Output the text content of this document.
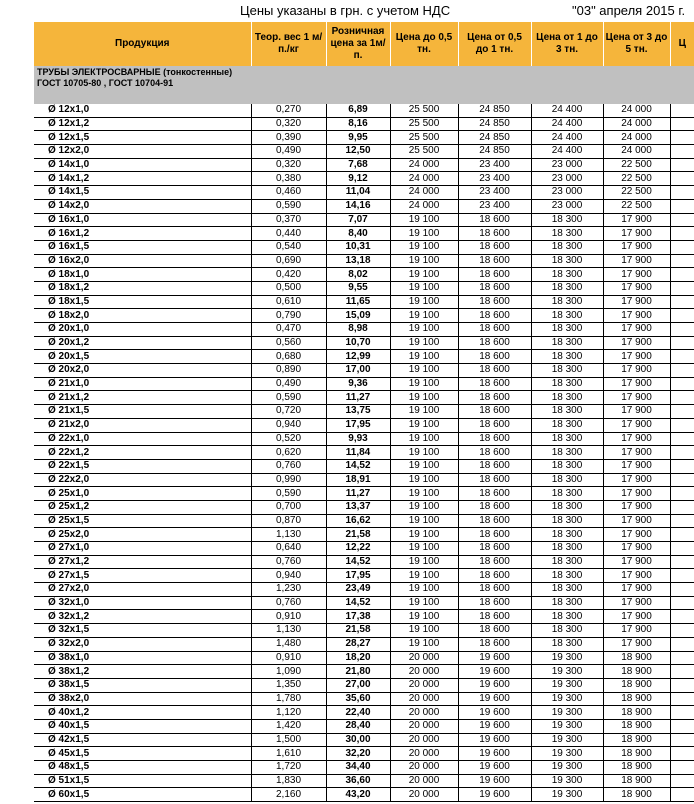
Цены указаны в грн. с учетом НДС	"03" апреля 2015 г.
Продукция	Теор. вес 1 м/п./кг	Розничная цена за 1м/п.	Цена до 0,5 тн.	Цена от 0,5 до 1 тн.	Цена от 1 до 3 тн.	Цена от 3 до 5 тн.	Ц
ТРУБЫ ЭЛЕКТРОСВАРНЫЕ (тонкостенные) ГОСТ 10705-80 , ГОСТ 10704-91							
Ø 12х1,0	0,270	6,89	25 500	24 850	24 400	24 000	
Ø 12х1,2	0,320	8,16	25 500	24 850	24 400	24 000	
Ø 12х1,5	0,390	9,95	25 500	24 850	24 400	24 000	
Ø 12х2,0	0,490	12,50	25 500	24 850	24 400	24 000	
Ø 14х1,0	0,320	7,68	24 000	23 400	23 000	22 500	
Ø 14х1,2	0,380	9,12	24 000	23 400	23 000	22 500	
Ø 14х1,5	0,460	11,04	24 000	23 400	23 000	22 500	
Ø 14х2,0	0,590	14,16	24 000	23 400	23 000	22 500	
Ø 16х1,0	0,370	7,07	19 100	18 600	18 300	17 900	
Ø 16х1,2	0,440	8,40	19 100	18 600	18 300	17 900	
Ø 16х1,5	0,540	10,31	19 100	18 600	18 300	17 900	
Ø 16х2,0	0,690	13,18	19 100	18 600	18 300	17 900	
Ø 18х1,0	0,420	8,02	19 100	18 600	18 300	17 900	
Ø 18х1,2	0,500	9,55	19 100	18 600	18 300	17 900	
Ø 18х1,5	0,610	11,65	19 100	18 600	18 300	17 900	
Ø 18х2,0	0,790	15,09	19 100	18 600	18 300	17 900	
Ø 20х1,0	0,470	8,98	19 100	18 600	18 300	17 900	
Ø 20х1,2	0,560	10,70	19 100	18 600	18 300	17 900	
Ø 20х1,5	0,680	12,99	19 100	18 600	18 300	17 900	
Ø 20х2,0	0,890	17,00	19 100	18 600	18 300	17 900	
Ø 21х1,0	0,490	9,36	19 100	18 600	18 300	17 900	
Ø 21х1,2	0,590	11,27	19 100	18 600	18 300	17 900	
Ø 21х1,5	0,720	13,75	19 100	18 600	18 300	17 900	
Ø 21х2,0	0,940	17,95	19 100	18 600	18 300	17 900	
Ø 22х1,0	0,520	9,93	19 100	18 600	18 300	17 900	
Ø 22х1,2	0,620	11,84	19 100	18 600	18 300	17 900	
Ø 22х1,5	0,760	14,52	19 100	18 600	18 300	17 900	
Ø 22х2,0	0,990	18,91	19 100	18 600	18 300	17 900	
Ø 25х1,0	0,590	11,27	19 100	18 600	18 300	17 900	
Ø 25х1,2	0,700	13,37	19 100	18 600	18 300	17 900	
Ø 25х1,5	0,870	16,62	19 100	18 600	18 300	17 900	
Ø 25х2,0	1,130	21,58	19 100	18 600	18 300	17 900	
Ø 27х1,0	0,640	12,22	19 100	18 600	18 300	17 900	
Ø 27х1,2	0,760	14,52	19 100	18 600	18 300	17 900	
Ø 27х1,5	0,940	17,95	19 100	18 600	18 300	17 900	
Ø 27х2,0	1,230	23,49	19 100	18 600	18 300	17 900	
Ø 32х1,0	0,760	14,52	19 100	18 600	18 300	17 900	
Ø 32х1,2	0,910	17,38	19 100	18 600	18 300	17 900	
Ø 32х1,5	1,130	21,58	19 100	18 600	18 300	17 900	
Ø 32х2,0	1,480	28,27	19 100	18 600	18 300	17 900	
Ø 38х1,0	0,910	18,20	20 000	19 600	19 300	18 900	
Ø 38х1,2	1,090	21,80	20 000	19 600	19 300	18 900	
Ø 38х1,5	1,350	27,00	20 000	19 600	19 300	18 900	
Ø 38х2,0	1,780	35,60	20 000	19 600	19 300	18 900	
Ø 40х1,2	1,120	22,40	20 000	19 600	19 300	18 900	
Ø 40х1,5	1,420	28,40	20 000	19 600	19 300	18 900	
Ø 42х1,5	1,500	30,00	20 000	19 600	19 300	18 900	
Ø 45х1,5	1,610	32,20	20 000	19 600	19 300	18 900	
Ø 48х1,5	1,720	34,40	20 000	19 600	19 300	18 900	
Ø 51х1,5	1,830	36,60	20 000	19 600	19 300	18 900	
Ø 60х1,5	2,160	43,20	20 000	19 600	19 300	18 900	
